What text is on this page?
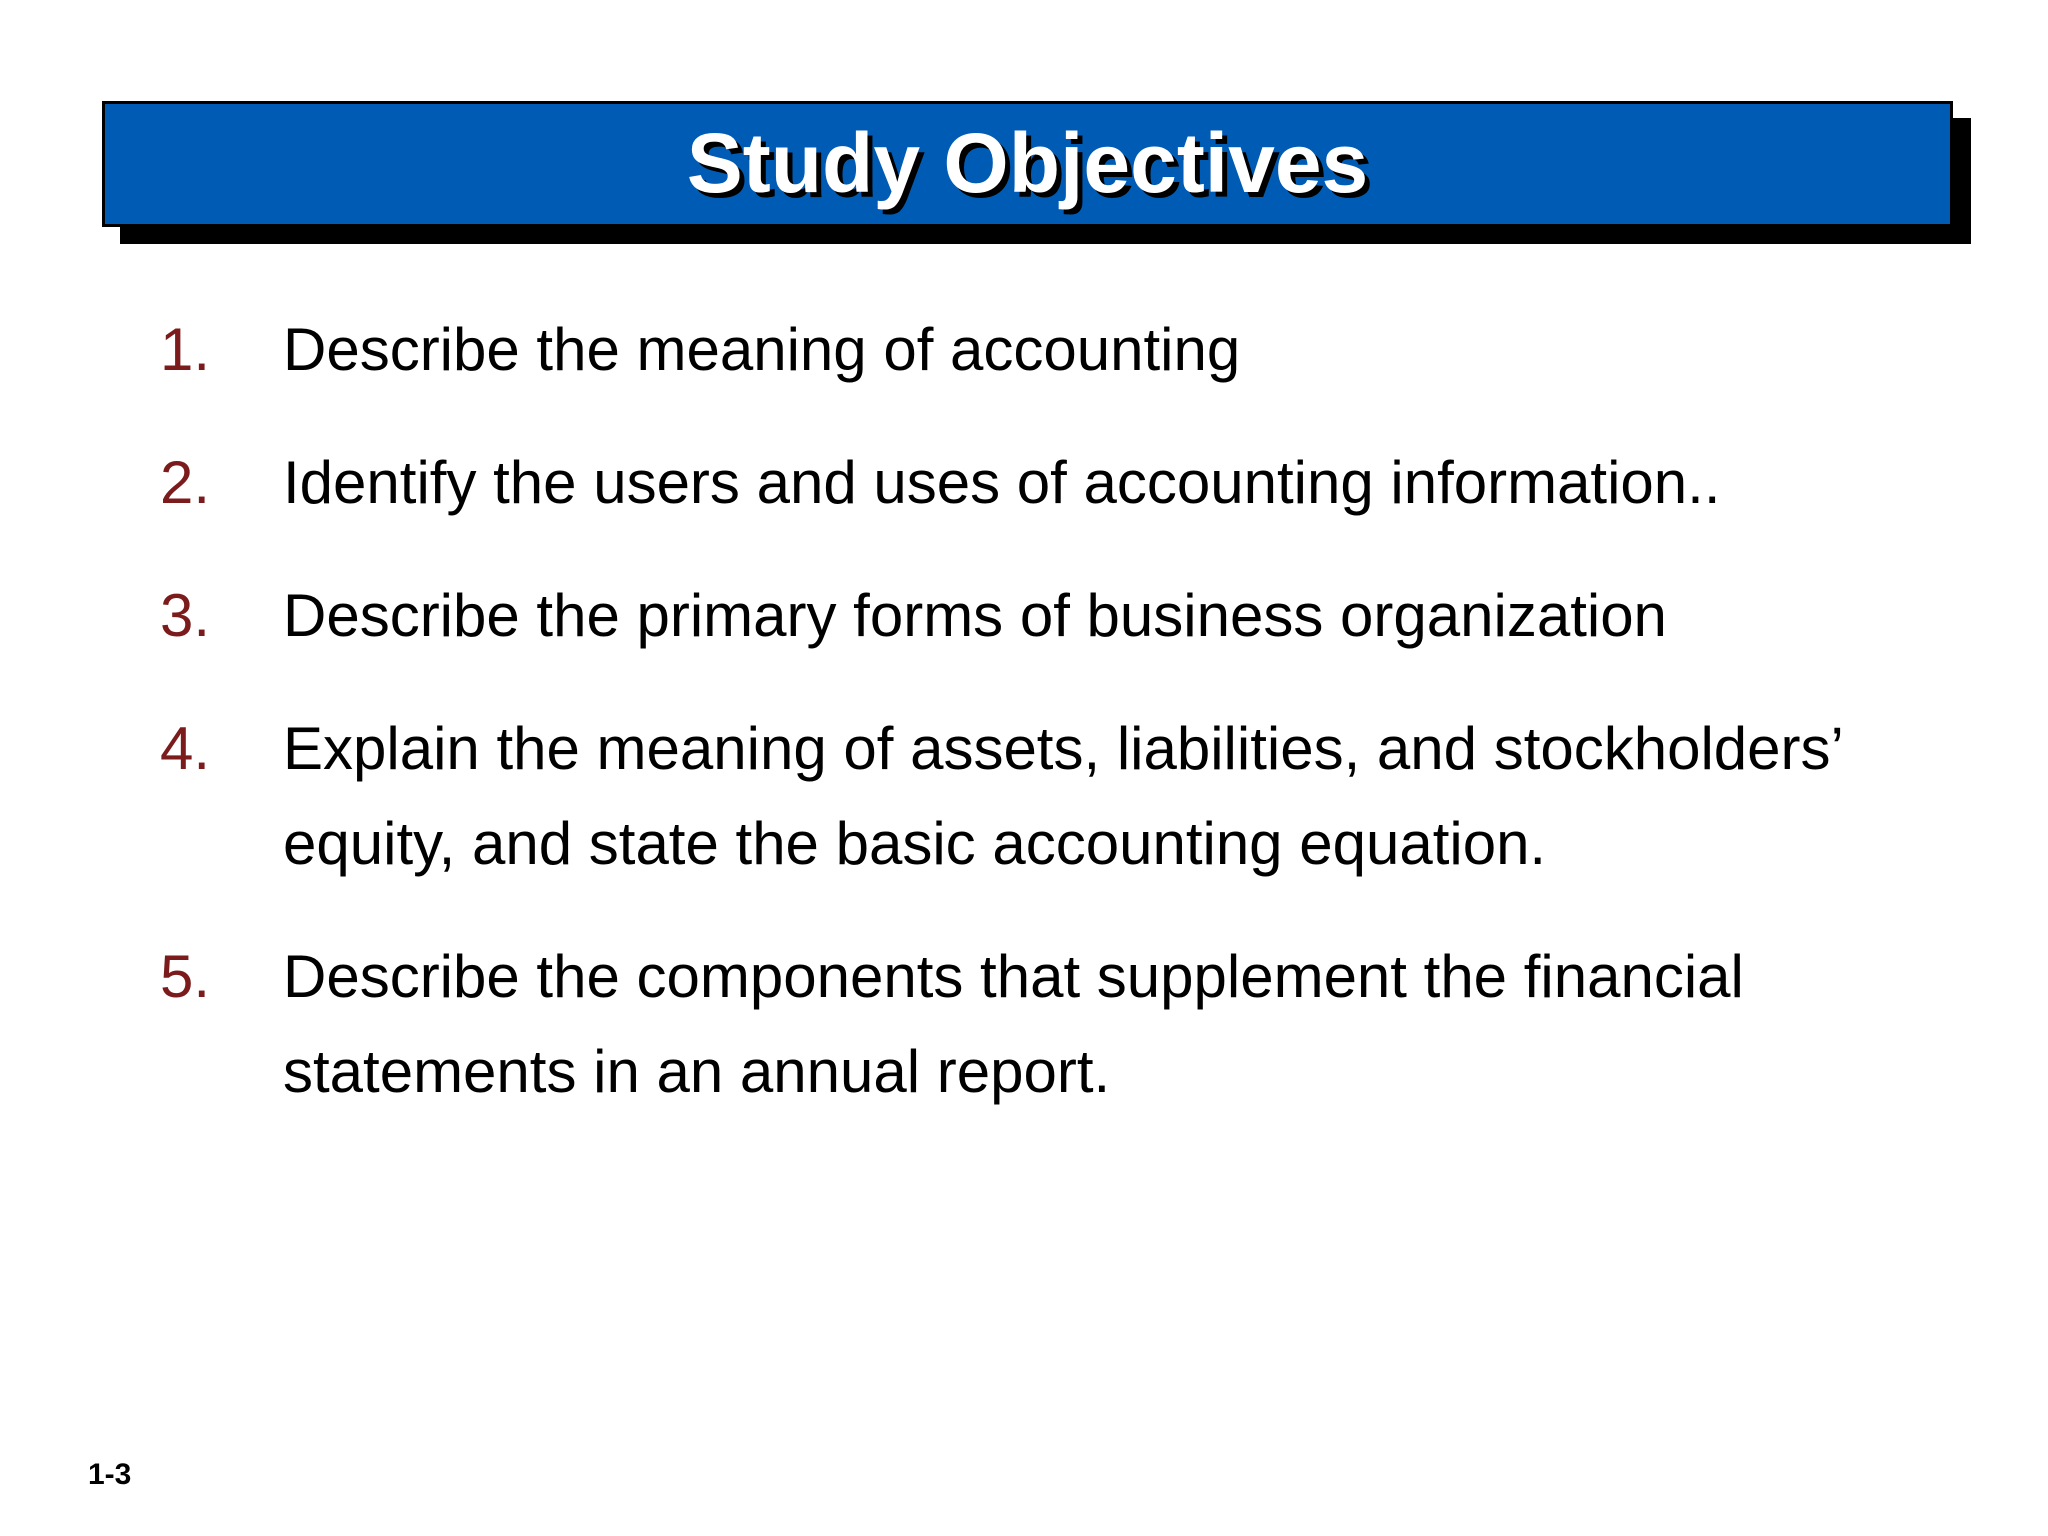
Study Objectives
1.	Describe the meaning of accounting
2.	Identify the users and uses of accounting information..
3.	Describe the primary forms of business organization
4.	Explain the meaning of assets, liabilities, and stockholders’ equity, and state the basic accounting equation.
5.	Describe the components that supplement the financial statements in an annual report.
1-3
